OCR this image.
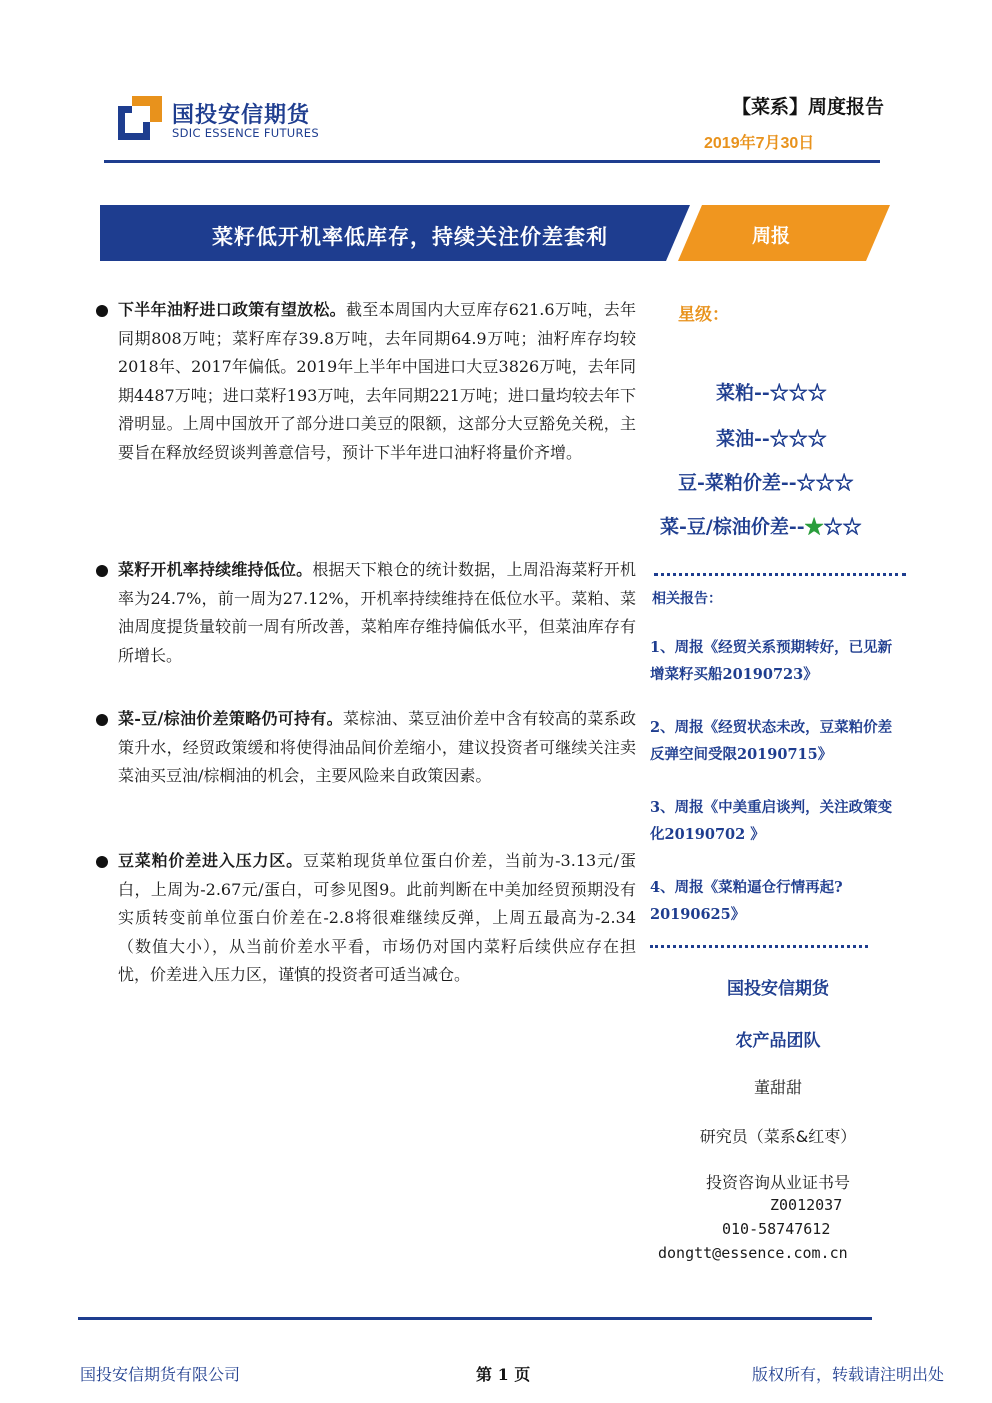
国投安信期货
SDIC ESSENCE FUTURES
【菜系】周度报告
2019年7月30日
菜籽低开机率低库存，持续关注价差套利	周报

下半年油籽进口政策有望放松。截至本周国内大豆库存621.6万吨，去年同期808万吨；菜籽库存39.8万吨，去年同期64.9万吨；油籽库存均较2018年、2017年偏低。2019年上半年中国进口大豆3826万吨，去年同期4487万吨；进口菜籽193万吨，去年同期221万吨；进口量均较去年下滑明显。上周中国放开了部分进口美豆的限额，这部分大豆豁免关税，主要旨在释放经贸谈判善意信号，预计下半年进口油籽将量价齐增。

菜籽开机率持续维持低位。根据天下粮仓的统计数据，上周沿海菜籽开机率为24.7%，前一周为27.12%，开机率持续维持在低位水平。菜粕、菜油周度提货量较前一周有所改善，菜粕库存维持偏低水平，但菜油库存有所增长。

菜-豆/棕油价差策略仍可持有。菜棕油、菜豆油价差中含有较高的菜系政策升水，经贸政策缓和将使得油品间价差缩小，建议投资者可继续关注卖菜油买豆油/棕榈油的机会，主要风险来自政策因素。

豆菜粕价差进入压力区。豆菜粕现货单位蛋白价差，当前为-3.13元/蛋白，上周为-2.67元/蛋白，可参见图9。此前判断在中美加经贸预期没有实质转变前单位蛋白价差在-2.8将很难继续反弹，上周五最高为-2.34（数值大小），从当前价差水平看，市场仍对国内菜籽后续供应存在担忧，价差进入压力区，谨慎的投资者可适当减仓。

星级：
菜粕--☆☆☆
菜油--☆☆☆
豆-菜粕价差--☆☆☆
菜-豆/棕油价差--★☆☆
相关报告：
1、周报《经贸关系预期转好，已见新增菜籽买船20190723》
2、周报《经贸状态未改，豆菜粕价差反弹空间受限20190715》
3、周报《中美重启谈判，关注政策变化20190702 》
4、周报《菜粕逼仓行情再起?20190625》
国投安信期货
农产品团队
董甜甜
研究员（菜系&红枣）
投资咨询从业证书号
Z0012037
010-58747612
dongtt@essence.com.cn
国投安信期货有限公司	第 1 页	版权所有，转载请注明出处
